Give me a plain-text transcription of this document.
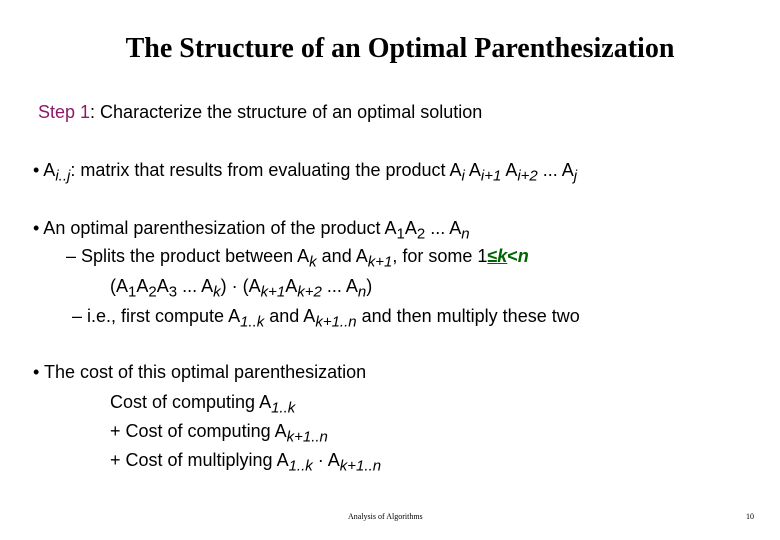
The Structure of an Optimal Parenthesization
Step 1: Characterize the structure of an optimal solution
• $A_{i..j}$: matrix that results from evaluating the product $A_i$ $A_{i+1}$ $A_{i+2}$ ... $A_j$
• An optimal parenthesization of the product $A_1A_2$ ... $A_n$
– Splits the product between $A_k$ and $A_{k+1}$, for some 1≤k<n
($A_1A_2A_3$ ... $A_k) \cdot (A_{k+1}A_{k+2}$ ... $A_n$)
– i.e., first compute $A_{1..k}$ and $A_{k+1..n}$ and then multiply these two
• The cost of this optimal parenthesization
Cost of computing $A_{1..k}$
+ Cost of computing $A_{k+1..n}$
+ Cost of multiplying $A_{1..k} \cdot A_{k+1..n}$
Analysis of Algorithms	10
